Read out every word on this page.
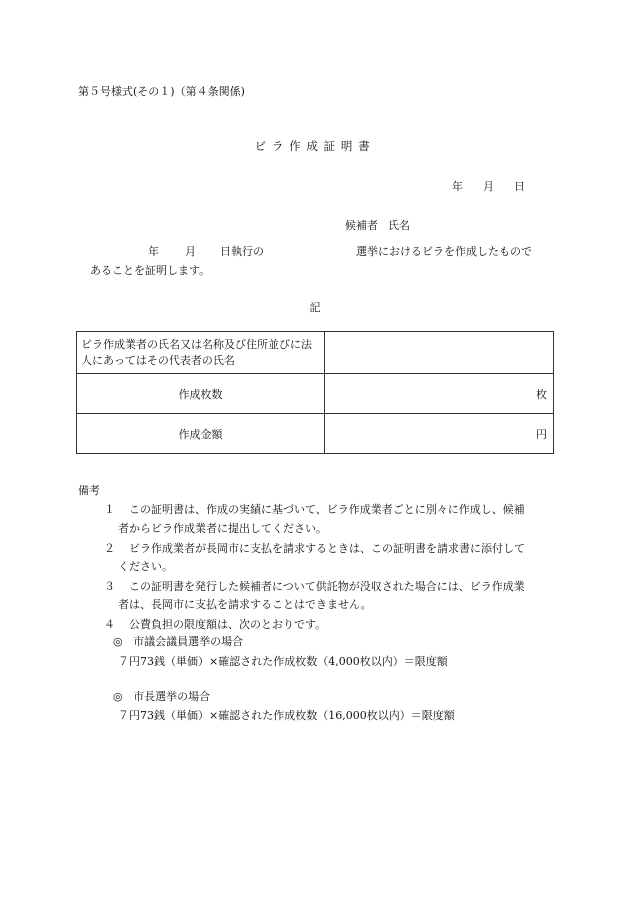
第５号様式(その１)（第４条関係)
ビラ作成証明書
年 月 日
候補者 氏名
年 月 日執行の	選挙におけるビラを作成したもので
あることを証明します。
記
ビラ作成業者の氏名又は名称及び住所並びに法人にあってはその代表者の氏名	
作成枚数	枚
作成金額	円
備考
１ この証明書は、作成の実績に基づいて、ビラ作成業者ごとに別々に作成し、候補
者からビラ作成業者に提出してください。
２ ビラ作成業者が長岡市に支払を請求するときは、この証明書を請求書に添付して
ください。
３ この証明書を発行した候補者について供託物が没収された場合には、ビラ作成業
者は、長岡市に支払を請求することはできません。
４ 公費負担の限度額は、次のとおりです。
◎ 市議会議員選挙の場合
７円73銭（単価）×確認された作成枚数（4,000枚以内）＝限度額
◎ 市長選挙の場合
７円73銭（単価）×確認された作成枚数（16,000枚以内）＝限度額
